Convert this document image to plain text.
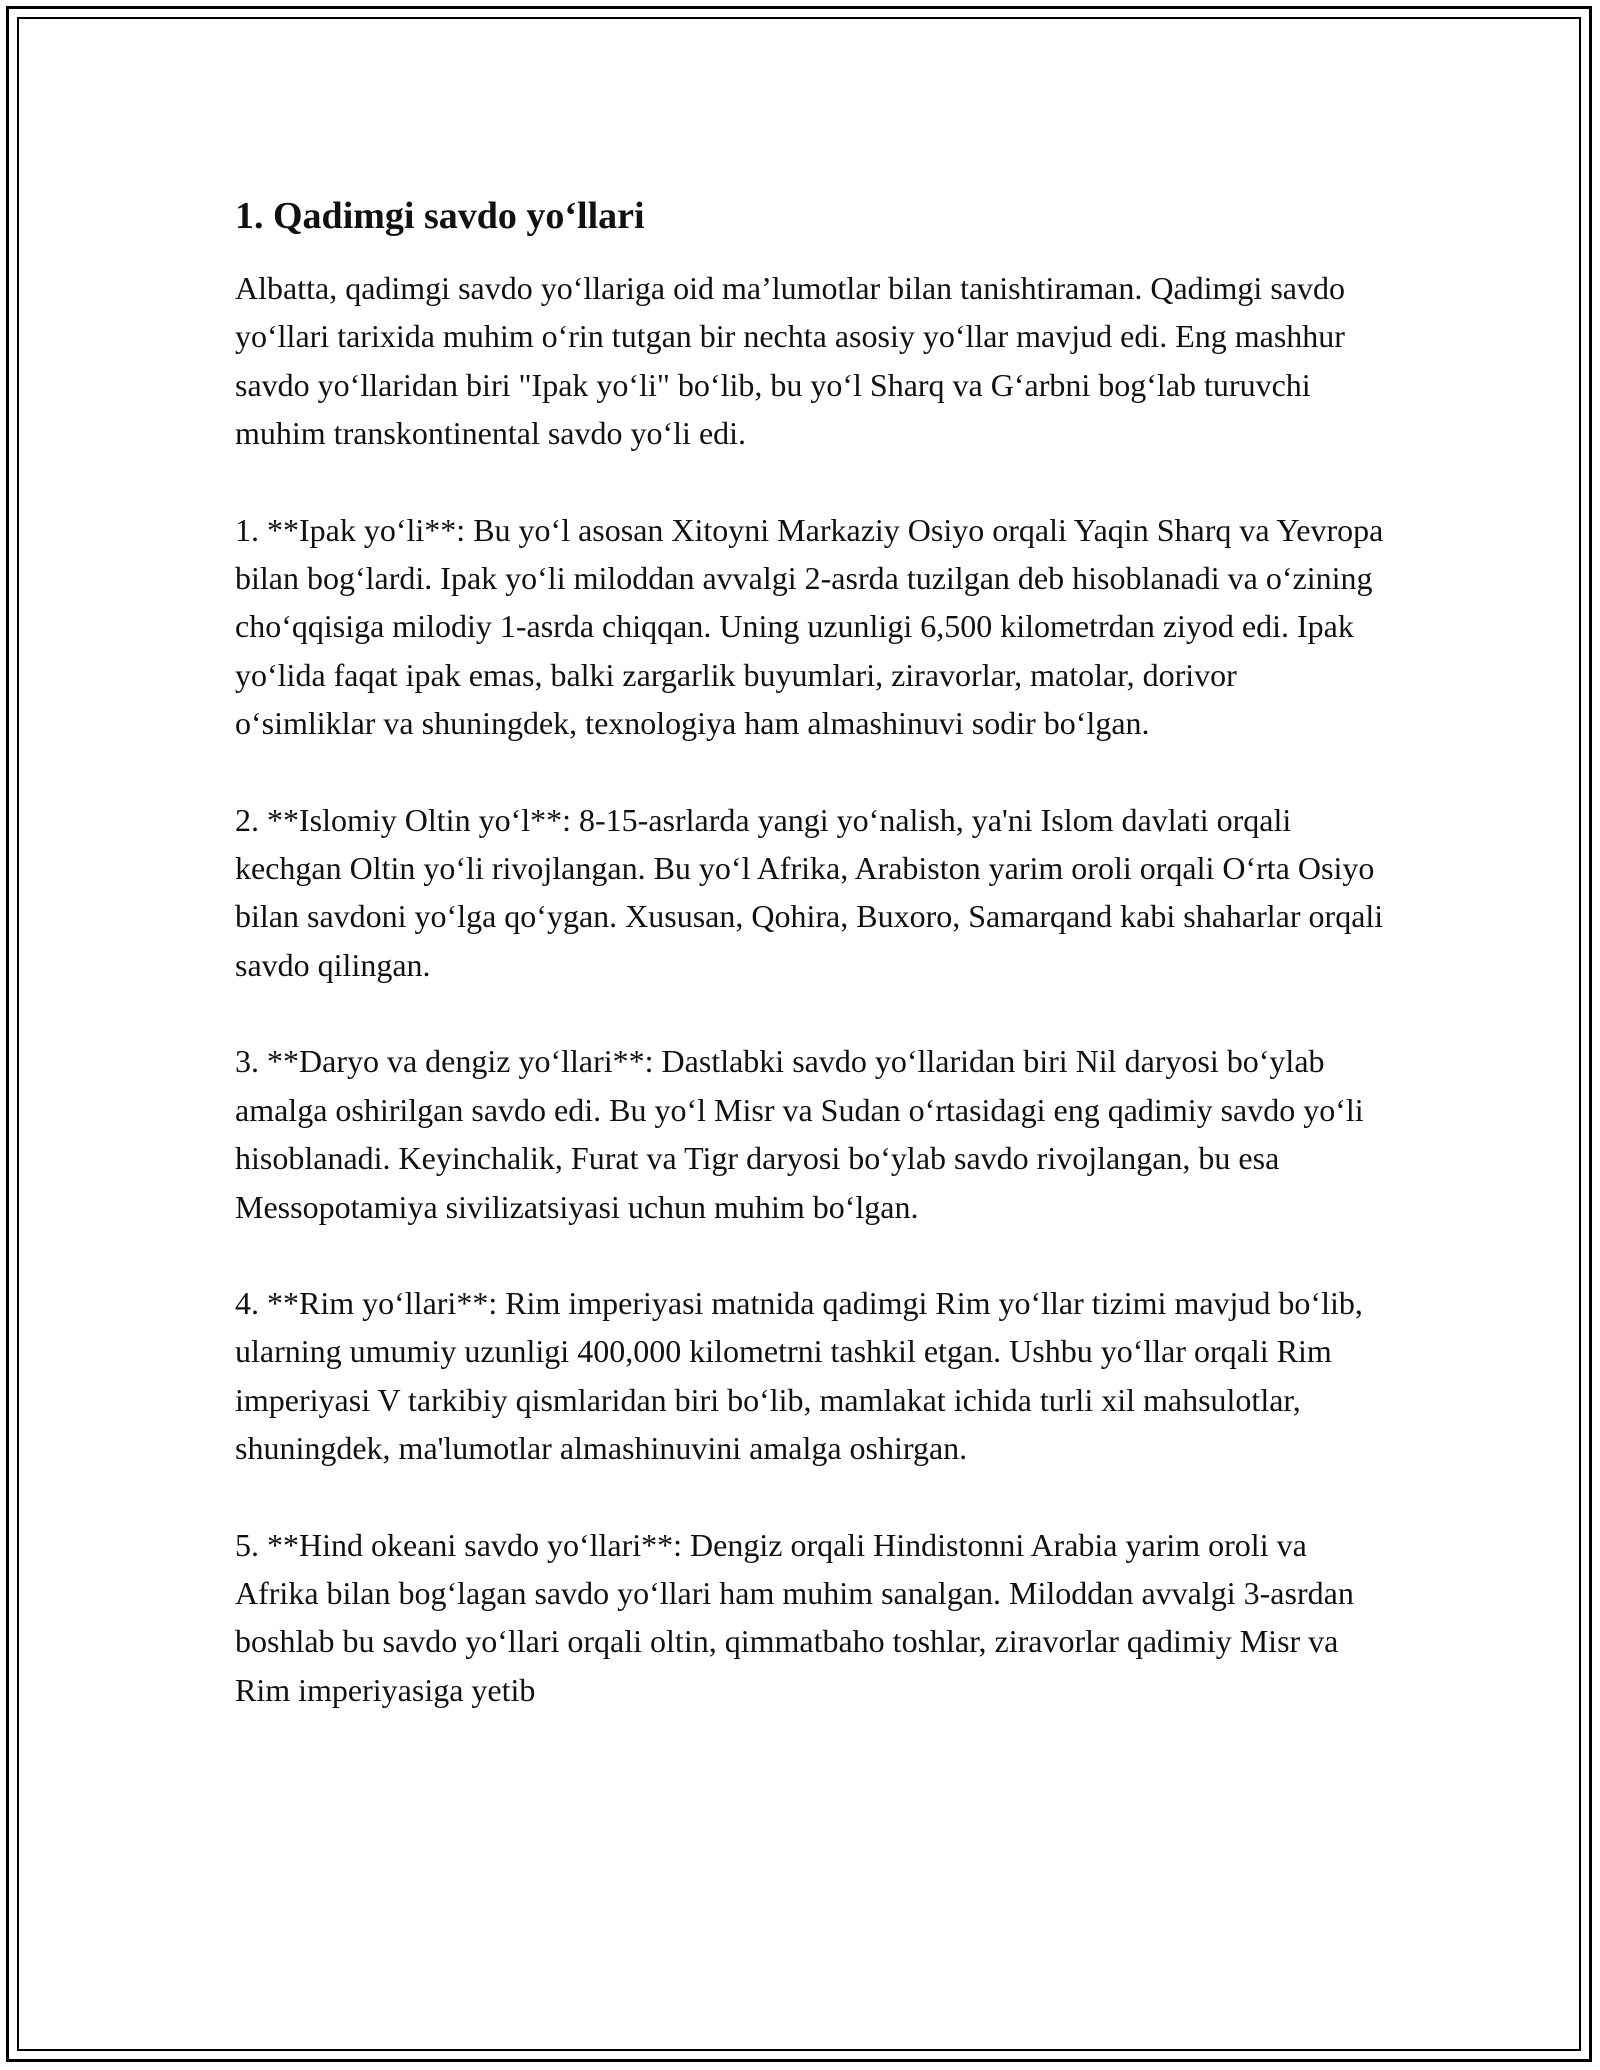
1. Qadimgi savdo yo‘llari

Albatta, qadimgi savdo yo‘llariga oid ma’lumotlar bilan tanishtiraman. Qadimgi savdo yo‘llari tarixida muhim o‘rin tutgan bir nechta asosiy yo‘llar mavjud edi. Eng mashhur savdo yo‘llaridan biri "Ipak yo‘li" bo‘lib, bu yo‘l Sharq va G‘arbni bog‘lab turuvchi muhim transkontinental savdo yo‘li edi.

1. **Ipak yo‘li**: Bu yo‘l asosan Xitoyni Markaziy Osiyo orqali Yaqin Sharq va Yevropa bilan bog‘lardi. Ipak yo‘li miloddan avvalgi 2-asrda tuzilgan deb hisoblanadi va o‘zining cho‘qqisiga milodiy 1-asrda chiqqan. Uning uzunligi 6,500 kilometrdan ziyod edi. Ipak yo‘lida faqat ipak emas, balki zargarlik buyumlari, ziravorlar, matolar, dorivor o‘simliklar va shuningdek, texnologiya ham almashinuvi sodir bo‘lgan.

2. **Islomiy Oltin yo‘l**: 8-15-asrlarda yangi yo‘nalish, ya'ni Islom davlati orqali kechgan Oltin yo‘li rivojlangan. Bu yo‘l Afrika, Arabiston yarim oroli orqali O‘rta Osiyo bilan savdoni yo‘lga qo‘ygan. Xususan, Qohira, Buxoro, Samarqand kabi shaharlar orqali savdo qilingan.

3. **Daryo va dengiz yo‘llari**: Dastlabki savdo yo‘llaridan biri Nil daryosi bo‘ylab amalga oshirilgan savdo edi. Bu yo‘l Misr va Sudan o‘rtasidagi eng qadimiy savdo yo‘li hisoblanadi. Keyinchalik, Furat va Tigr daryosi bo‘ylab savdo rivojlangan, bu esa Messopotamiya sivilizatsiyasi uchun muhim bo‘lgan.

4. **Rim yo‘llari**: Rim imperiyasi matnida qadimgi Rim yo‘llar tizimi mavjud bo‘lib, ularning umumiy uzunligi 400,000 kilometrni tashkil etgan. Ushbu yo‘llar orqali Rim imperiyasi V tarkibiy qismlaridan biri bo‘lib, mamlakat ichida turli xil mahsulotlar, shuningdek, ma'lumotlar almashinuvini amalga oshirgan.

5. **Hind okeani savdo yo‘llari**: Dengiz orqali Hindistonni Arabia yarim oroli va Afrika bilan bog‘lagan savdo yo‘llari ham muhim sanalgan. Miloddan avvalgi 3-asrdan boshlab bu savdo yo‘llari orqali oltin, qimmatbaho toshlar, ziravorlar qadimiy Misr va Rim imperiyasiga yetib
